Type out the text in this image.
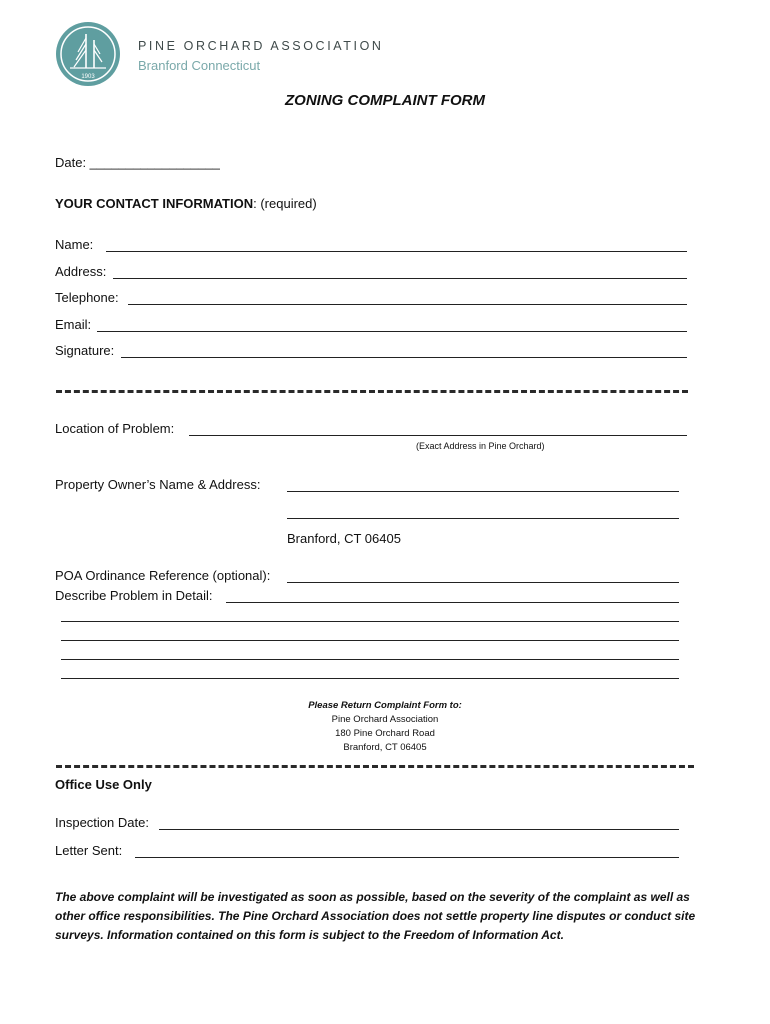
1903
PINE ORCHARD ASSOCIATION
Branford Connecticut
ZONING COMPLAINT FORM
Date: __________________
YOUR CONTACT INFORMATION: (required)
Name:
Address:
Telephone:
Email:
Signature:
Location of Problem:
(Exact Address in Pine Orchard)
Property Owner’s Name & Address:
Branford, CT 06405
POA Ordinance Reference (optional):
Describe Problem in Detail:
Please Return Complaint Form to:
Pine Orchard Association
180 Pine Orchard Road
Branford, CT 06405
Office Use Only
Inspection Date:
Letter Sent:
The above complaint will be investigated as soon as possible, based on the severity of the complaint as well as other office responsibilities. The Pine Orchard Association does not settle property line disputes or conduct site surveys. Information contained on this form is subject to the Freedom of Information Act.
